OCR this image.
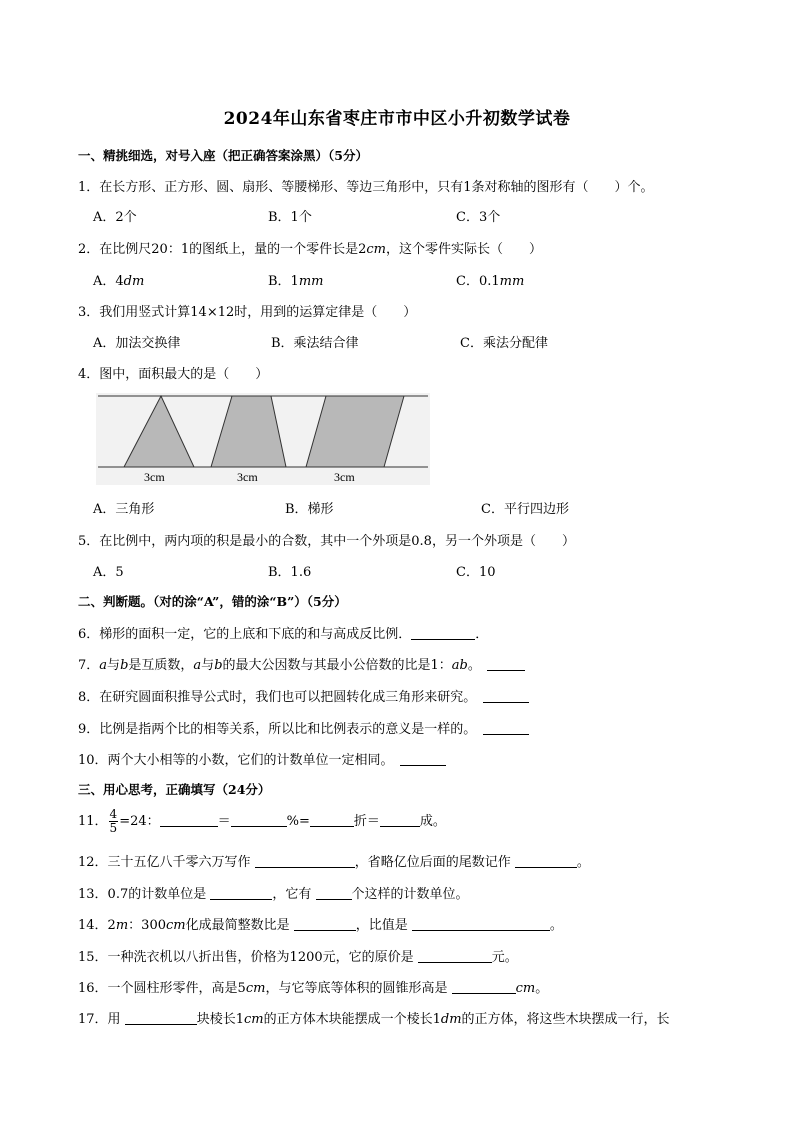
2024年山东省枣庄市市中区小升初数学试卷
一、精挑细选，对号入座（把正确答案涂黑）（5分）
1．在长方形、正方形、圆、扇形、等腰梯形、等边三角形中，只有1条对称轴的图形有（　　）个。
A．2个	B．1个	C．3个
2．在比例尺20：1的图纸上，量的一个零件长是2cm，这个零件实际长（　　）
A．4dm	B．1mm	C．0.1mm
3．我们用竖式计算14×12时，用到的运算定律是（　　）
A．加法交换律	B．乘法结合律	C．乘法分配律
4．图中，面积最大的是（　　）
3cm	3cm	3cm
A．三角形	B．梯形	C．平行四边形
5．在比例中，两内项的积是最小的合数，其中一个外项是0.8，另一个外项是（　　）
A．5	B．1.6	C．10
二、判断题。（对的涂“A”，错的涂“B”）（5分）
6．梯形的面积一定，它的上底和下底的和与高成反比例．	．
7．a与b是互质数，a与b的最大公因数与其最小公倍数的比是1：ab。　
8．在研究圆面积推导公式时，我们也可以把圆转化成三角形来研究。　
9．比例是指两个比的相等关系，所以比和比例表示的意义是一样的。　
10．两个大小相等的小数，它们的计数单位一定相同。　
三、用心思考，正确填写（24分）
11． $\frac{4}{5} =24$：	＝	%=	折＝	成。
12．三十五亿八千零六万写作	，省略亿位后面的尾数记作	。
13．0.7的计数单位是	，它有	个这样的计数单位。
14．2m：300cm化成最简整数比是	，比值是	。
15．一种洗衣机以八折出售，价格为1200元，它的原价是	元。
16．一个圆柱形零件，高是5cm，与它等底等体积的圆锥形高是	cm。
17．用	块棱长1cm的正方体木块能摆成一个棱长1dm的正方体，将这些木块摆成一行，长
